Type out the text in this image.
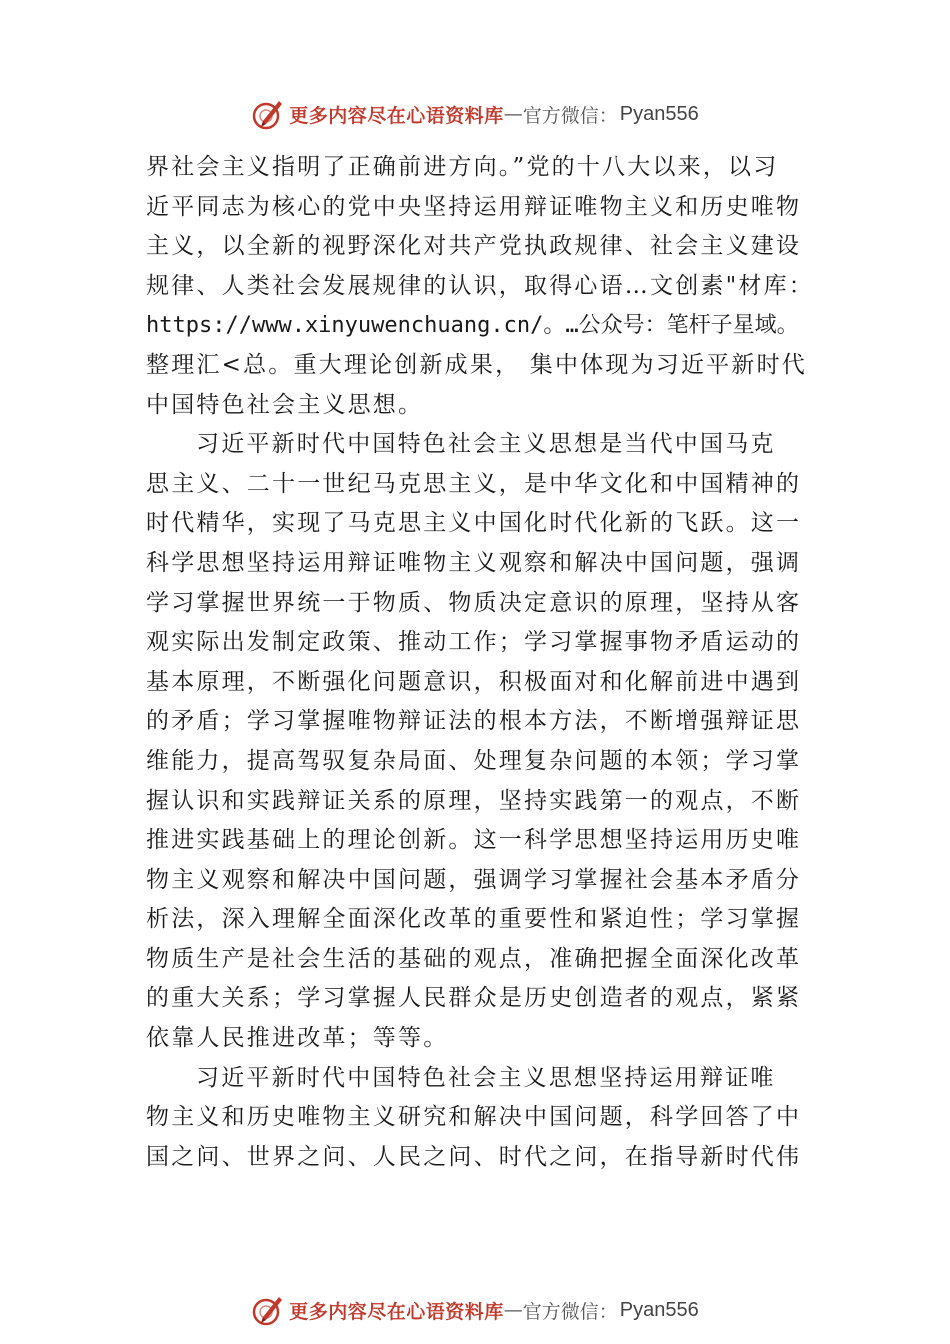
更多内容尽在心语资料库 — 官方微信： Pyan556
界社会主义指明了正确前进方向。”党的十八大以来，以习
近平同志为核心的党中央坚持运用辩证唯物主义和历史唯物
主义，以全新的视野深化对共产党执政规律、社会主义建设
规律、人类社会发展规律的认识，取得心语…文创素"材库：
https://www.xinyuwenchuang.cn/。…公众号：笔杆子星域。
整理汇<总。重大理论创新成果， 集中体现为习近平新时代
中国特色社会主义思想。
习近平新时代中国特色社会主义思想是当代中国马克
思主义、二十一世纪马克思主义，是中华文化和中国精神的
时代精华，实现了马克思主义中国化时代化新的飞跃。这一
科学思想坚持运用辩证唯物主义观察和解决中国问题，强调
学习掌握世界统一于物质、物质决定意识的原理，坚持从客
观实际出发制定政策、推动工作；学习掌握事物矛盾运动的
基本原理，不断强化问题意识，积极面对和化解前进中遇到
的矛盾；学习掌握唯物辩证法的根本方法，不断增强辩证思
维能力，提高驾驭复杂局面、处理复杂问题的本领；学习掌
握认识和实践辩证关系的原理，坚持实践第一的观点，不断
推进实践基础上的理论创新。这一科学思想坚持运用历史唯
物主义观察和解决中国问题，强调学习掌握社会基本矛盾分
析法，深入理解全面深化改革的重要性和紧迫性；学习掌握
物质生产是社会生活的基础的观点，准确把握全面深化改革
的重大关系；学习掌握人民群众是历史创造者的观点，紧紧
依靠人民推进改革；等等。
习近平新时代中国特色社会主义思想坚持运用辩证唯
物主义和历史唯物主义研究和解决中国问题，科学回答了中
国之问、世界之问、人民之问、时代之问，在指导新时代伟
更多内容尽在心语资料库 — 官方微信： Pyan556
